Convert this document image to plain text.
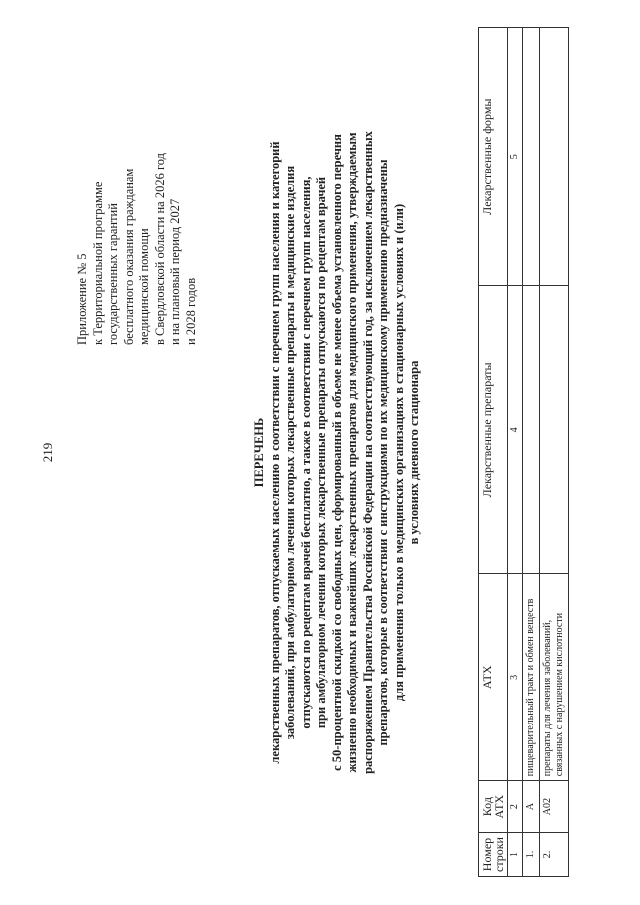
219
Приложение № 5 к Территориальной программе государственных гарантий бесплатного оказания гражданам медицинской помощи в Свердловской области на 2026 год и на плановый период 2027 и 2028 годов
ПЕРЕЧЕНЬ лекарственных препаратов, отпускаемых населению в соответствии с перечнем групп населения и категорий заболеваний, при амбулаторном лечении которых лекарственные препараты и медицинские изделия отпускаются по рецептам врачей бесплатно, а также в соответствии с перечнем групп населения, при амбулаторном лечении которых лекарственные препараты отпускаются по рецептам врачей с 50-процентной скидкой со свободных цен, сформированный в объеме не менее объема установленного перечня жизненно необходимых и важнейших лекарственных препаратов для медицинского применения, утверждаемым распоряжением Правительства Российской Федерации на соответствующий год, за исключением лекарственных препаратов, которые в соответствии с инструкциями по их медицинскому применению предназначены для применения только в медицинских организациях в стационарных условиях и (или) в условиях дневного стационара
Номер строки	Код АТХ	АТХ	Лекарственные препараты	Лекарственные формы
1	2	3	4	5
1.	A	пищеварительный тракт и обмен веществ		
2.	A02	препараты для лечения заболеваний, связанных с нарушением кислотности		
